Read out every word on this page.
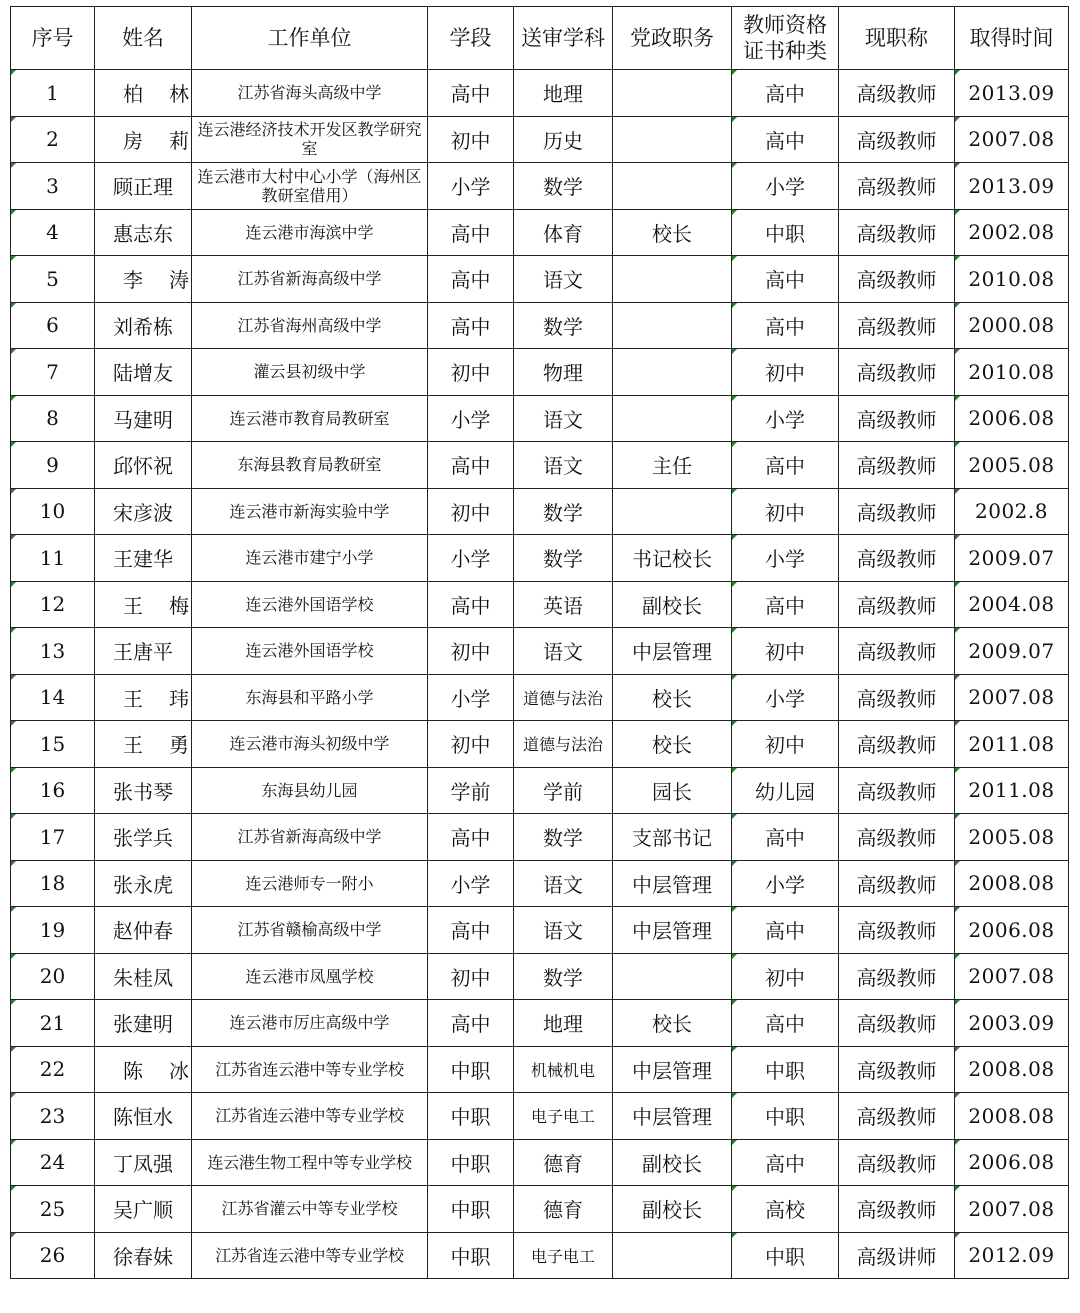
序号	姓名	工作单位	学段	送审学科	党政职务	教师资格证书种类	现职称	取得时间
1	柏林	江苏省海头高级中学	高中	地理		高中	高级教师	2013.09
2	房莉	连云港经济技术开发区教学研究室	初中	历史		高中	高级教师	2007.08
3	顾正理	连云港市大村中心小学（海州区教研室借用）	小学	数学		小学	高级教师	2013.09
4	惠志东	连云港市海滨中学	高中	体育	校长	中职	高级教师	2002.08
5	李涛	江苏省新海高级中学	高中	语文		高中	高级教师	2010.08
6	刘希栋	江苏省海州高级中学	高中	数学		高中	高级教师	2000.08
7	陆增友	灌云县初级中学	初中	物理		初中	高级教师	2010.08
8	马建明	连云港市教育局教研室	小学	语文		小学	高级教师	2006.08
9	邱怀祝	东海县教育局教研室	高中	语文	主任	高中	高级教师	2005.08
10	宋彦波	连云港市新海实验中学	初中	数学		初中	高级教师	2002.8
11	王建华	连云港市建宁小学	小学	数学	书记校长	小学	高级教师	2009.07
12	王梅	连云港外国语学校	高中	英语	副校长	高中	高级教师	2004.08
13	王唐平	连云港外国语学校	初中	语文	中层管理	初中	高级教师	2009.07
14	王玮	东海县和平路小学	小学	道德与法治	校长	小学	高级教师	2007.08
15	王勇	连云港市海头初级中学	初中	道德与法治	校长	初中	高级教师	2011.08
16	张书琴	东海县幼儿园	学前	学前	园长	幼儿园	高级教师	2011.08
17	张学兵	江苏省新海高级中学	高中	数学	支部书记	高中	高级教师	2005.08
18	张永虎	连云港师专一附小	小学	语文	中层管理	小学	高级教师	2008.08
19	赵仲春	江苏省赣榆高级中学	高中	语文	中层管理	高中	高级教师	2006.08
20	朱桂凤	连云港市凤凰学校	初中	数学		初中	高级教师	2007.08
21	张建明	连云港市厉庄高级中学	高中	地理	校长	高中	高级教师	2003.09
22	陈冰	江苏省连云港中等专业学校	中职	机械机电	中层管理	中职	高级教师	2008.08
23	陈恒水	江苏省连云港中等专业学校	中职	电子电工	中层管理	中职	高级教师	2008.08
24	丁凤强	连云港生物工程中等专业学校	中职	德育	副校长	高中	高级教师	2006.08
25	吴广顺	江苏省灌云中等专业学校	中职	德育	副校长	高校	高级教师	2007.08
26	徐春妹	江苏省连云港中等专业学校	中职	电子电工		中职	高级讲师	2012.09
